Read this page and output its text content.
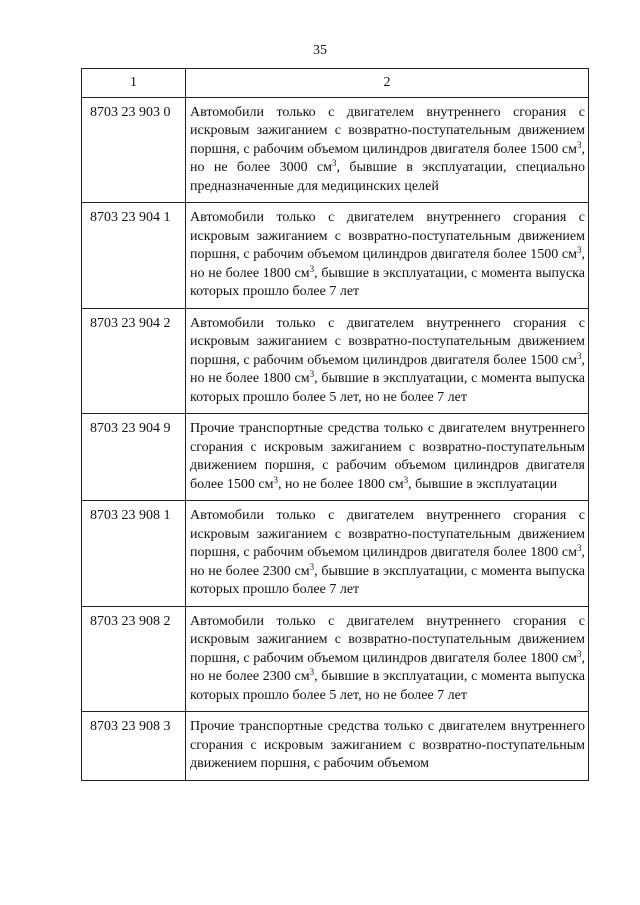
35
1	2
8703 23 903 0	Автомобили только с двигателем внутреннего сгорания с искровым зажиганием с возвратно-поступательным движением поршня, с рабочим объемом цилиндров двигателя более 1500 $см^3$, но не более 3000 $см^3$, бывшие в эксплуатации, специально предназначенные для медицинских целей
8703 23 904 1	Автомобили только с двигателем внутреннего сгорания с искровым зажиганием с возвратно-поступательным движением поршня, с рабочим объемом цилиндров двигателя более 1500 $см^3$, но не более 1800 $см^3$, бывшие в эксплуатации, с момента выпуска которых прошло более 7 лет
8703 23 904 2	Автомобили только с двигателем внутреннего сгорания с искровым зажиганием с возвратно-поступательным движением поршня, с рабочим объемом цилиндров двигателя более 1500 $см^3$, но не более 1800 $см^3$, бывшие в эксплуатации, с момента выпуска которых прошло более 5 лет, но не более 7 лет
8703 23 904 9	Прочие транспортные средства только с двигателем внутреннего сгорания с искровым зажиганием с возвратно-поступательным движением поршня, с рабочим объемом цилиндров двигателя более 1500 $см^3$, но не более 1800 $см^3$, бывшие в эксплуатации
8703 23 908 1	Автомобили только с двигателем внутреннего сгорания с искровым зажиганием с возвратно-поступательным движением поршня, с рабочим объемом цилиндров двигателя более 1800 $см^3$, но не более 2300 $см^3$, бывшие в эксплуатации, с момента выпуска которых прошло более 7 лет
8703 23 908 2	Автомобили только с двигателем внутреннего сгорания с искровым зажиганием с возвратно-поступательным движением поршня, с рабочим объемом цилиндров двигателя более 1800 $см^3$, но не более 2300 $см^3$, бывшие в эксплуатации, с момента выпуска которых прошло более 5 лет, но не более 7 лет
8703 23 908 3	Прочие транспортные средства только с двигателем внутреннего сгорания с искровым зажиганием с возвратно-поступательным движением поршня, с рабочим объемом
